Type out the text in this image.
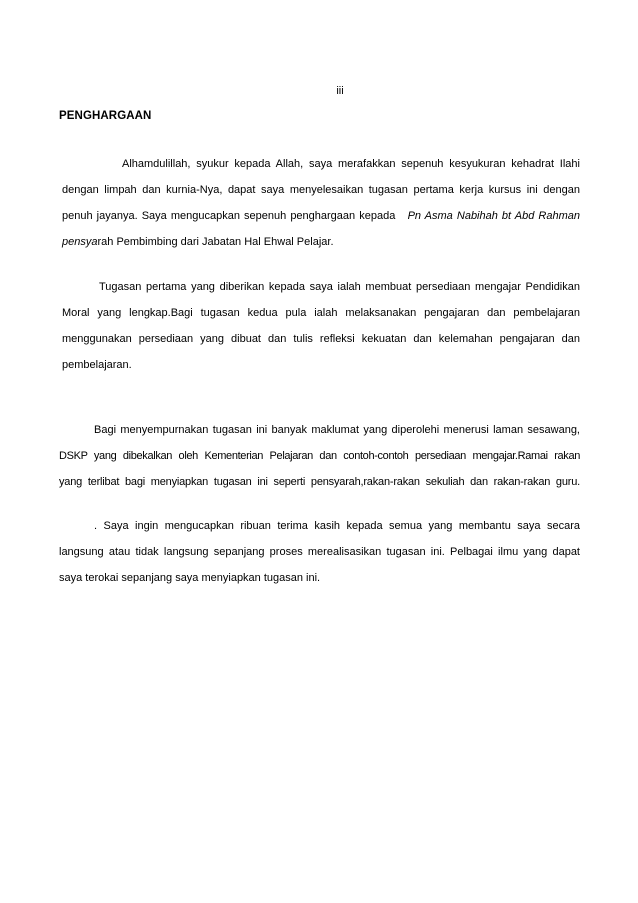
iii
PENGHARGAAN
Alhamdulillah, syukur kepada Allah, saya merafakkan sepenuh kesyukuran kehadrat Ilahi
dengan limpah dan kurnia-Nya, dapat saya menyelesaikan tugasan pertama kerja kursus ini dengan
penuh jayanya. Saya mengucapkan sepenuh penghargaan kepada Pn Asma Nabihah bt Abd Rahman
pensyarah Pembimbing dari Jabatan Hal Ehwal Pelajar.
Tugasan pertama yang diberikan kepada saya ialah membuat persediaan mengajar Pendidikan
Moral yang lengkap.Bagi tugasan kedua pula ialah melaksanakan pengajaran dan pembelajaran
menggunakan persediaan yang dibuat dan tulis refleksi kekuatan dan kelemahan pengajaran dan
pembelajaran.
Bagi menyempurnakan tugasan ini banyak maklumat yang diperolehi menerusi laman sesawang,
DSKP yang dibekalkan oleh Kementerian Pelajaran dan contoh-contoh persediaan mengajar.Ramai rakan
yang terlibat bagi menyiapkan tugasan ini seperti pensyarah,rakan-rakan sekuliah dan rakan-rakan guru.
. Saya ingin mengucapkan ribuan terima kasih kepada semua yang membantu saya secara
langsung atau tidak langsung sepanjang proses merealisasikan tugasan ini. Pelbagai ilmu yang dapat
saya terokai sepanjang saya menyiapkan tugasan ini.
